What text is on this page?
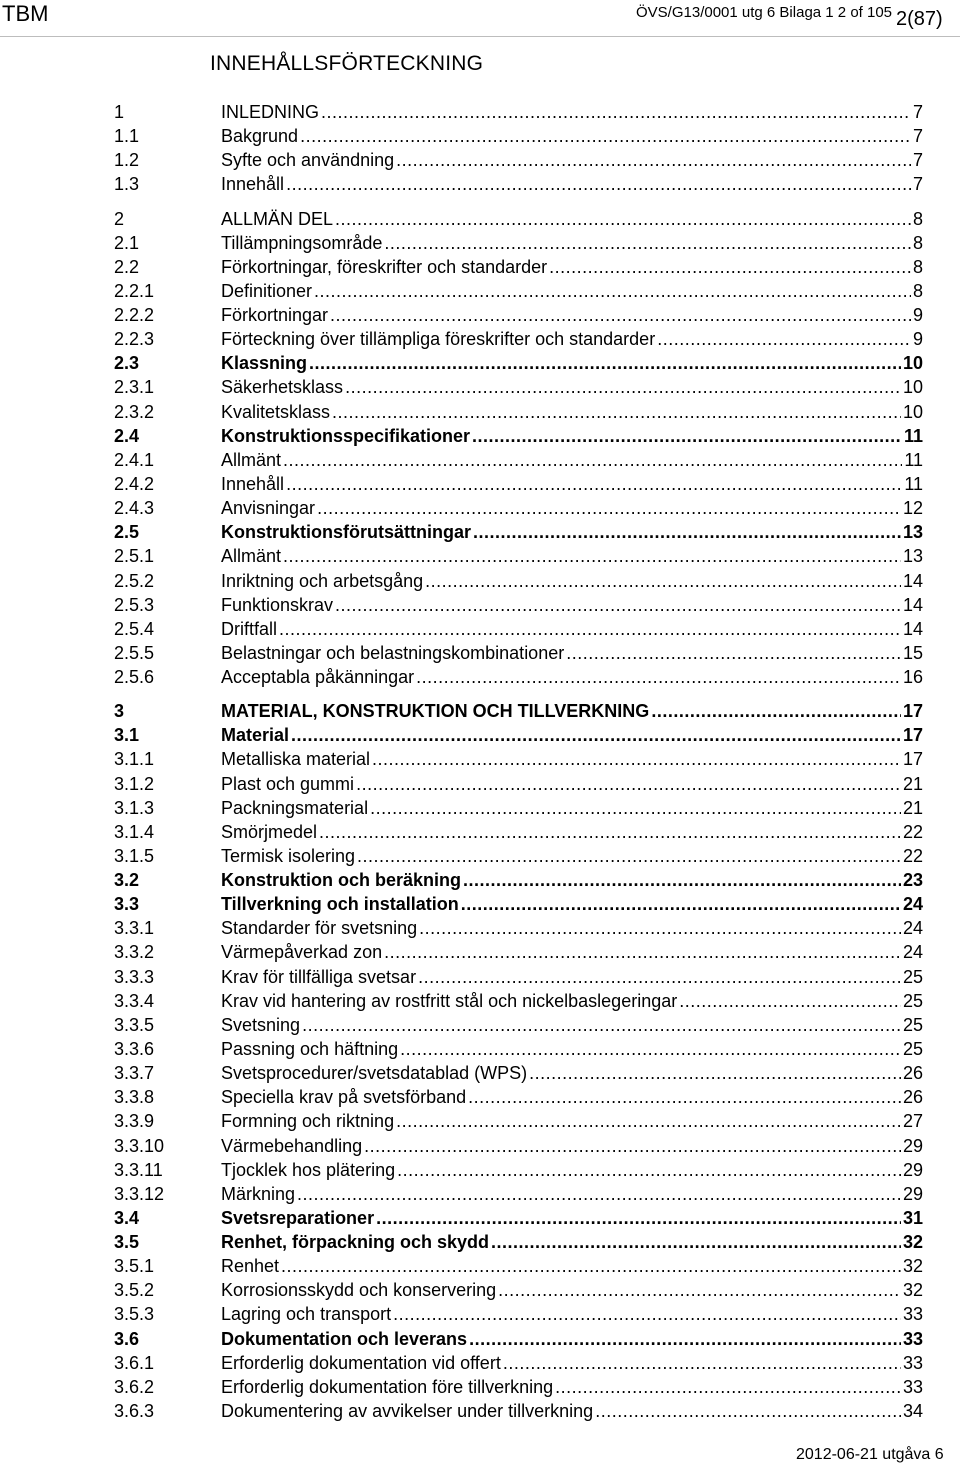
TBM	ÖVS/G13/0001 utg 6 Bilaga 1 2 of 105 2(87)
INNEHÅLLSFÖRTECKNING
1	INLEDNING .....	7
1.1	Bakgrund .....	7
1.2	Syfte och användning .....	7
1.3	Innehåll .....	7
2	ALLMÄN DEL .....	8
2.1	Tillämpningsområde .....	8
2.2	Förkortningar, föreskrifter och standarder .....	8
2.2.1	Definitioner .....	8
2.2.2	Förkortningar .....	9
2.2.3	Förteckning över tillämpliga föreskrifter och standarder .....	9
2.3	Klassning .....	10
2.3.1	Säkerhetsklass .....	10
2.3.2	Kvalitetsklass .....	10
2.4	Konstruktionsspecifikationer .....	11
2.4.1	Allmänt .....	11
2.4.2	Innehåll .....	11
2.4.3	Anvisningar .....	12
2.5	Konstruktionsförutsättningar .....	13
2.5.1	Allmänt .....	13
2.5.2	Inriktning och arbetsgång .....	14
2.5.3	Funktionskrav .....	14
2.5.4	Driftfall .....	14
2.5.5	Belastningar och belastningskombinationer .....	15
2.5.6	Acceptabla påkänningar .....	16
3	MATERIAL, KONSTRUKTION OCH TILLVERKNING .....	17
3.1	Material .....	17
3.1.1	Metalliska material .....	17
3.1.2	Plast och gummi .....	21
3.1.3	Packningsmaterial .....	21
3.1.4	Smörjmedel .....	22
3.1.5	Termisk isolering .....	22
3.2	Konstruktion och beräkning .....	23
3.3	Tillverkning och installation .....	24
3.3.1	Standarder för svetsning .....	24
3.3.2	Värmepåverkad zon .....	24
3.3.3	Krav för tillfälliga svetsar .....	25
3.3.4	Krav vid hantering av rostfritt stål och nickelbaslegeringar .....	25
3.3.5	Svetsning .....	25
3.3.6	Passning och häftning .....	25
3.3.7	Svetsprocedurer/svetsdatablad (WPS) .....	26
3.3.8	Speciella krav på svetsförband .....	26
3.3.9	Formning och riktning .....	27
3.3.10	Värmebehandling .....	29
3.3.11	Tjocklek hos plätering .....	29
3.3.12	Märkning .....	29
3.4	Svetsreparationer .....	31
3.5	Renhet, förpackning och skydd .....	32
3.5.1	Renhet .....	32
3.5.2	Korrosionsskydd och konservering .....	32
3.5.3	Lagring och transport .....	33
3.6	Dokumentation och leverans .....	33
3.6.1	Erforderlig dokumentation vid offert .....	33
3.6.2	Erforderlig dokumentation före tillverkning .....	33
3.6.3	Dokumentering av avvikelser under tillverkning .....	34
2012-06-21 utgåva 6
